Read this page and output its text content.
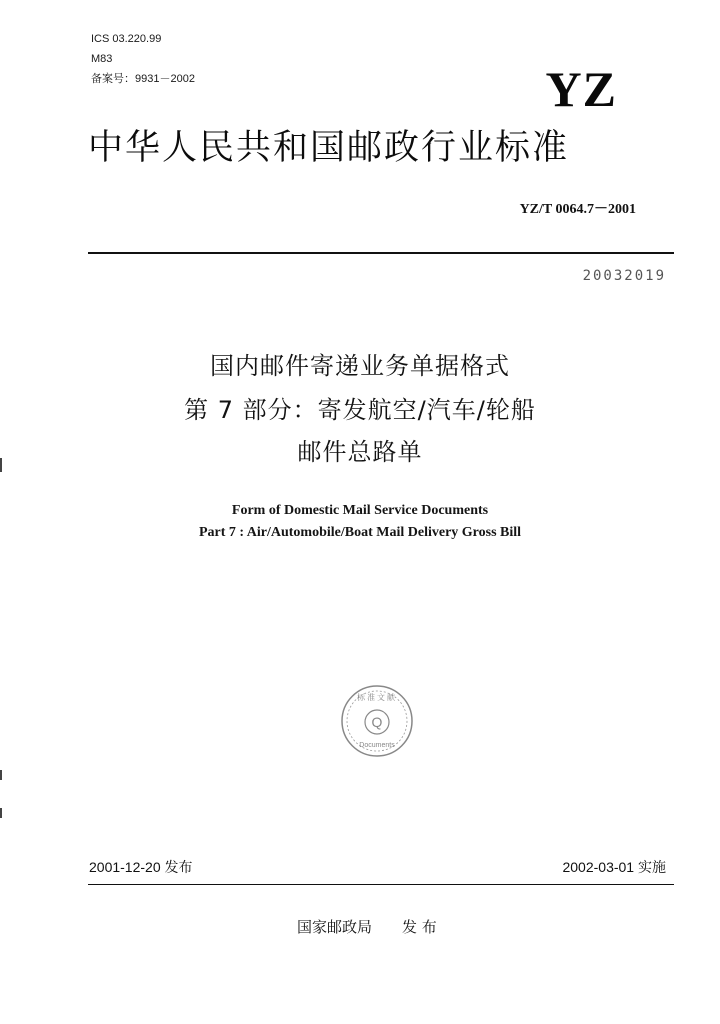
ICS 03.220.99
M83
备案号：9931－2002	YZ
中华人民共和国邮政行业标准
YZ/T 0064.7－2001
20032019
国内邮件寄递业务单据格式
第 7 部分：寄发航空/汽车/轮船
邮件总路单
Form of Domestic Mail Service Documents
Part 7 : Air/Automobile/Boat Mail Delivery Gross Bill
Q
标准文献
Documents
2001-12-20 发布	2002-03-01 实施
国家邮政局 发 布
